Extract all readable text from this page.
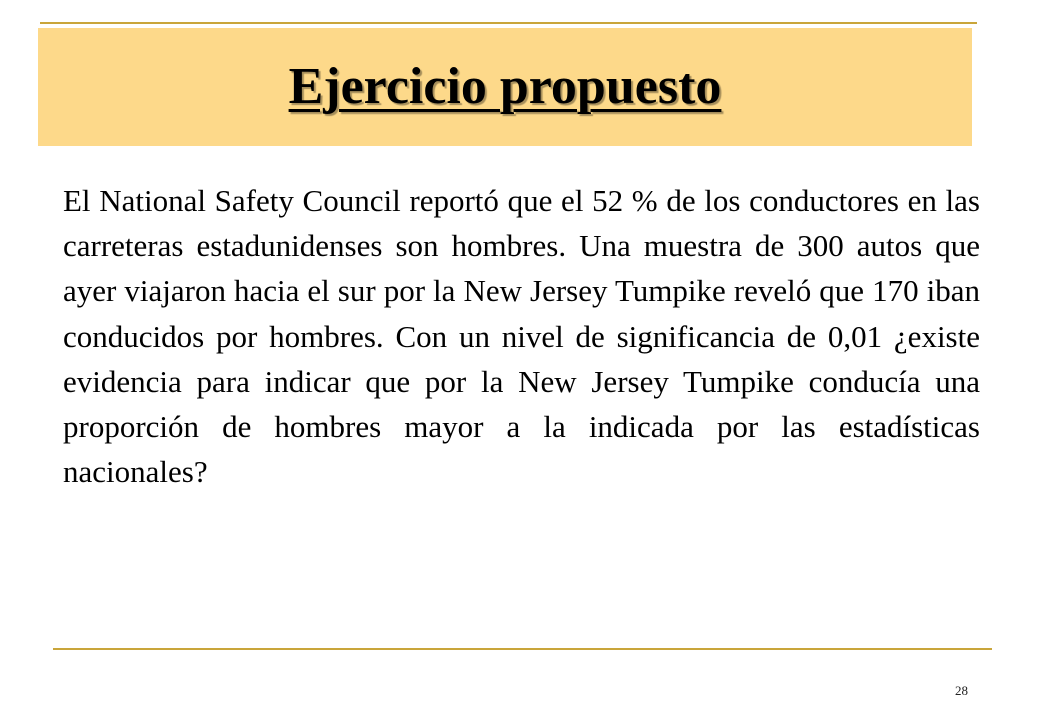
Ejercicio propuesto

El National Safety Council reportó que el 52 % de los conductores en las carreteras estadunidenses son hombres. Una muestra de 300 autos que ayer viajaron hacia el sur por la New Jersey Tumpike reveló que 170 iban conducidos por hombres. Con un nivel de significancia de 0,01 ¿existe evidencia para indicar que por la New Jersey Tumpike conducía una proporción de hombres mayor a la indicada por las estadísticas nacionales?

28
